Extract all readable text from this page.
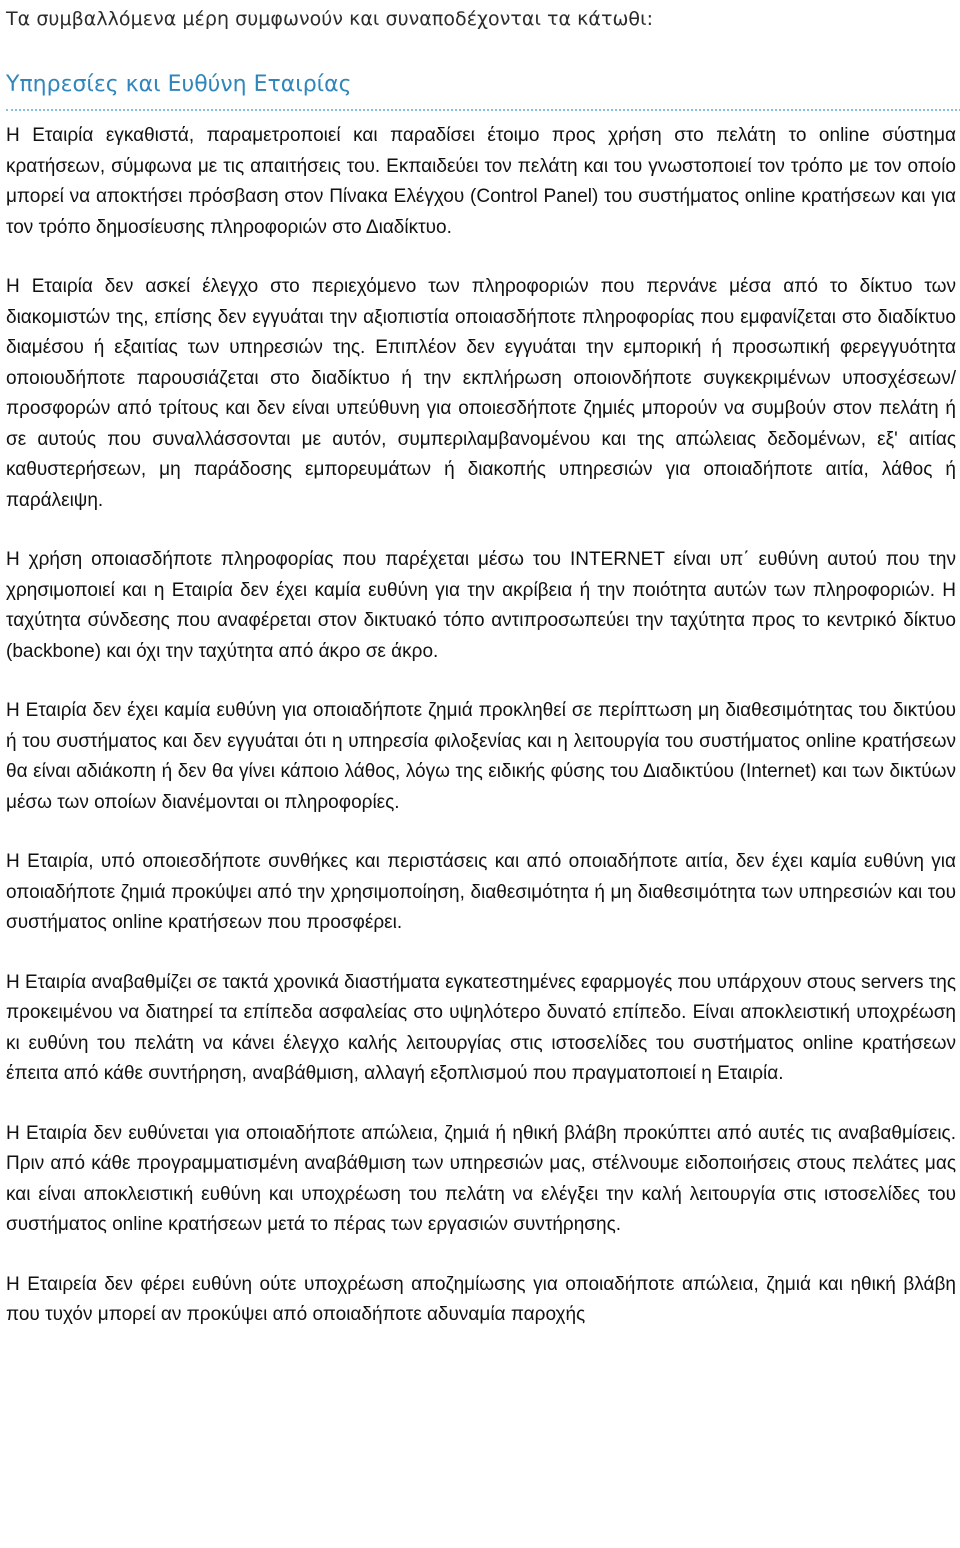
Τα συμβαλλόμενα μέρη συμφωνούν και συναποδέχονται τα κάτωθι:

Υπηρεσίες και Ευθύνη Εταιρίας

Η Εταιρία εγκαθιστά, παραμετροποιεί και παραδίσει έτοιμο προς χρήση στο πελάτη το online σύστημα κρατήσεων, σύμφωνα με τις απαιτήσεις του. Εκπαιδεύει τον πελάτη και του γνωστοποιεί τον τρόπο με τον οποίο μπορεί να αποκτήσει πρόσβαση στον Πίνακα Ελέγχου (Control Panel) του συστήματος online κρατήσεων και για τον τρόπο δημοσίευσης πληροφοριών στο Διαδίκτυο.

Η Εταιρία δεν ασκεί έλεγχο στο περιεχόμενο των πληροφοριών που περνάνε μέσα από το δίκτυο των διακομιστών της, επίσης δεν εγγυάται την αξιοπιστία οποιασδήποτε πληροφορίας που εμφανίζεται στο διαδίκτυο διαμέσου ή εξαιτίας των υπηρεσιών της. Επιπλέον δεν εγγυάται την εμπορική ή προσωπική φερεγγυότητα οποιουδήποτε παρουσιάζεται στο διαδίκτυο ή την εκπλήρωση οποιονδήποτε συγκεκριμένων υποσχέσεων/προσφορών από τρίτους και δεν είναι υπεύθυνη για οποιεσδήποτε ζημιές μπορούν να συμβούν στον πελάτη ή σε αυτούς που συναλλάσσονται με αυτόν, συμπεριλαμβανομένου και της απώλειας δεδομένων, εξ' αιτίας καθυστερήσεων, μη παράδοσης εμπορευμάτων ή διακοπής υπηρεσιών για οποιαδήποτε αιτία, λάθος ή παράλειψη.

Η χρήση οποιασδήποτε πληροφορίας που παρέχεται μέσω του INTERNET είναι υπ΄ ευθύνη αυτού που την χρησιμοποιεί και η Εταιρία δεν έχει καμία ευθύνη για την ακρίβεια ή την ποιότητα αυτών των πληροφοριών. Η ταχύτητα σύνδεσης που αναφέρεται στον δικτυακό τόπο αντιπροσωπεύει την ταχύτητα προς το κεντρικό δίκτυο (backbone) και όχι την ταχύτητα από άκρο σε άκρο.

Η Εταιρία δεν έχει καμία ευθύνη για οποιαδήποτε ζημιά προκληθεί σε περίπτωση μη διαθεσιμότητας του δικτύου ή του συστήματος και δεν εγγυάται ότι η υπηρεσία φιλοξενίας και η λειτουργία του συστήματος online κρατήσεων θα είναι αδιάκοπη ή δεν θα γίνει κάποιο λάθος, λόγω της ειδικής φύσης του Διαδικτύου (Internet) και των δικτύων μέσω των οποίων διανέμονται οι πληροφορίες.

Η Εταιρία, υπό οποιεσδήποτε συνθήκες και περιστάσεις και από οποιαδήποτε αιτία, δεν έχει καμία ευθύνη για οποιαδήποτε ζημιά προκύψει από την χρησιμοποίηση, διαθεσιμότητα ή μη διαθεσιμότητα των υπηρεσιών και του συστήματος online κρατήσεων που προσφέρει.

Η Εταιρία αναβαθμίζει σε τακτά χρονικά διαστήματα εγκατεστημένες εφαρμογές που υπάρχουν στους servers της προκειμένου να διατηρεί τα επίπεδα ασφαλείας στο υψηλότερο δυνατό επίπεδο. Είναι αποκλειστική υποχρέωση κι ευθύνη του πελάτη να κάνει έλεγχο καλής λειτουργίας στις ιστοσελίδες του συστήματος online κρατήσεων έπειτα από κάθε συντήρηση, αναβάθμιση, αλλαγή εξοπλισμού που πραγματοποιεί η Εταιρία.

Η Εταιρία δεν ευθύνεται για οποιαδήποτε απώλεια, ζημιά ή ηθική βλάβη προκύπτει από αυτές τις αναβαθμίσεις. Πριν από κάθε προγραμματισμένη αναβάθμιση των υπηρεσιών μας, στέλνουμε ειδοποιήσεις στους πελάτες μας και είναι αποκλειστική ευθύνη και υποχρέωση του πελάτη να ελέγξει την καλή λειτουργία στις ιστοσελίδες του συστήματος online κρατήσεων μετά το πέρας των εργασιών συντήρησης.

Η Εταιρεία δεν φέρει ευθύνη ούτε υποχρέωση αποζημίωσης για οποιαδήποτε απώλεια, ζημιά και ηθική βλάβη που τυχόν μπορεί αν προκύψει από οποιαδήποτε αδυναμία παροχής
